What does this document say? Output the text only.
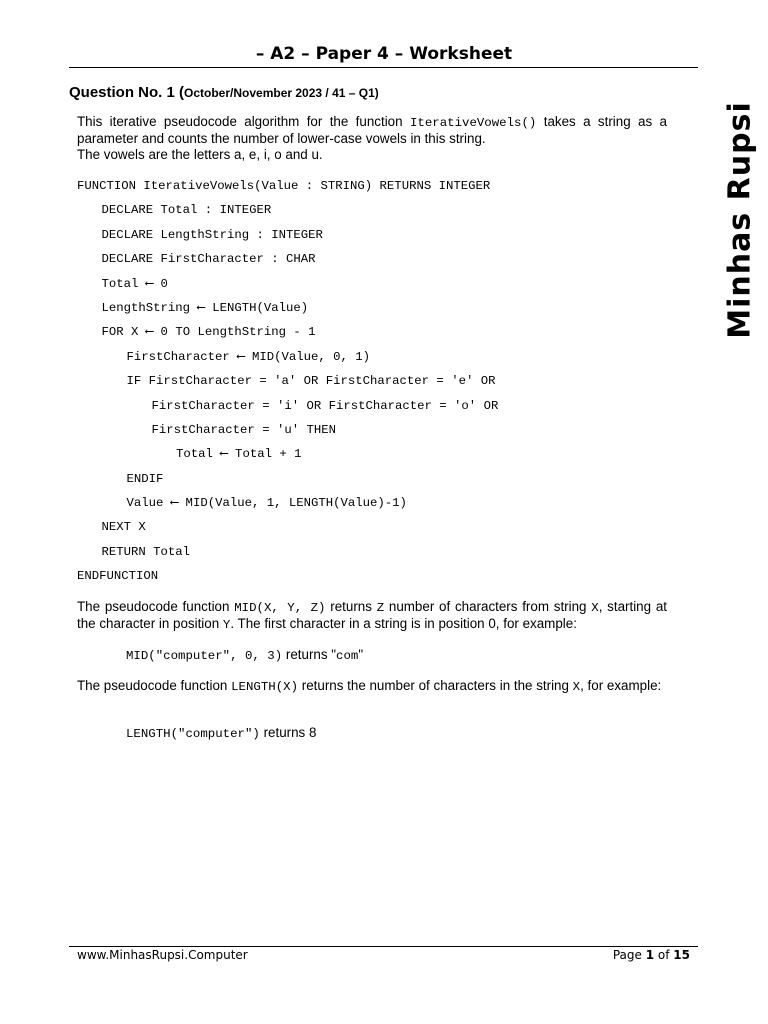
– A2 – Paper 4 – Worksheet
Minhas Rupsi
Question No. 1 (October/November 2023 / 41 – Q1)
This iterative pseudocode algorithm for the function IterativeVowels() takes a string as a parameter and counts the number of lower-case vowels in this string.
The vowels are the letters a, e, i, o and u.
FUNCTION IterativeVowels(Value : STRING) RETURNS INTEGER
DECLARE Total : INTEGER
DECLARE LengthString : INTEGER
DECLARE FirstCharacter : CHAR
Total ⟵ 0
LengthString ⟵ LENGTH(Value)
FOR X ⟵ 0 TO LengthString - 1
FirstCharacter ⟵ MID(Value, 0, 1)
IF FirstCharacter = 'a' OR FirstCharacter = 'e' OR
FirstCharacter = 'i' OR FirstCharacter = 'o' OR
FirstCharacter = 'u' THEN
Total ⟵ Total + 1
ENDIF
Value ⟵ MID(Value, 1, LENGTH(Value)-1)
NEXT X
RETURN Total
ENDFUNCTION
The pseudocode function MID(X, Y, Z) returns Z number of characters from string X, starting at the character in position Y. The first character in a string is in position 0, for example:
MID("computer", 0, 3) returns "com"
The pseudocode function LENGTH(X) returns the number of characters in the string X, for example:
LENGTH("computer") returns 8
www.MinhasRupsi.Computer	Page 1 of 15
